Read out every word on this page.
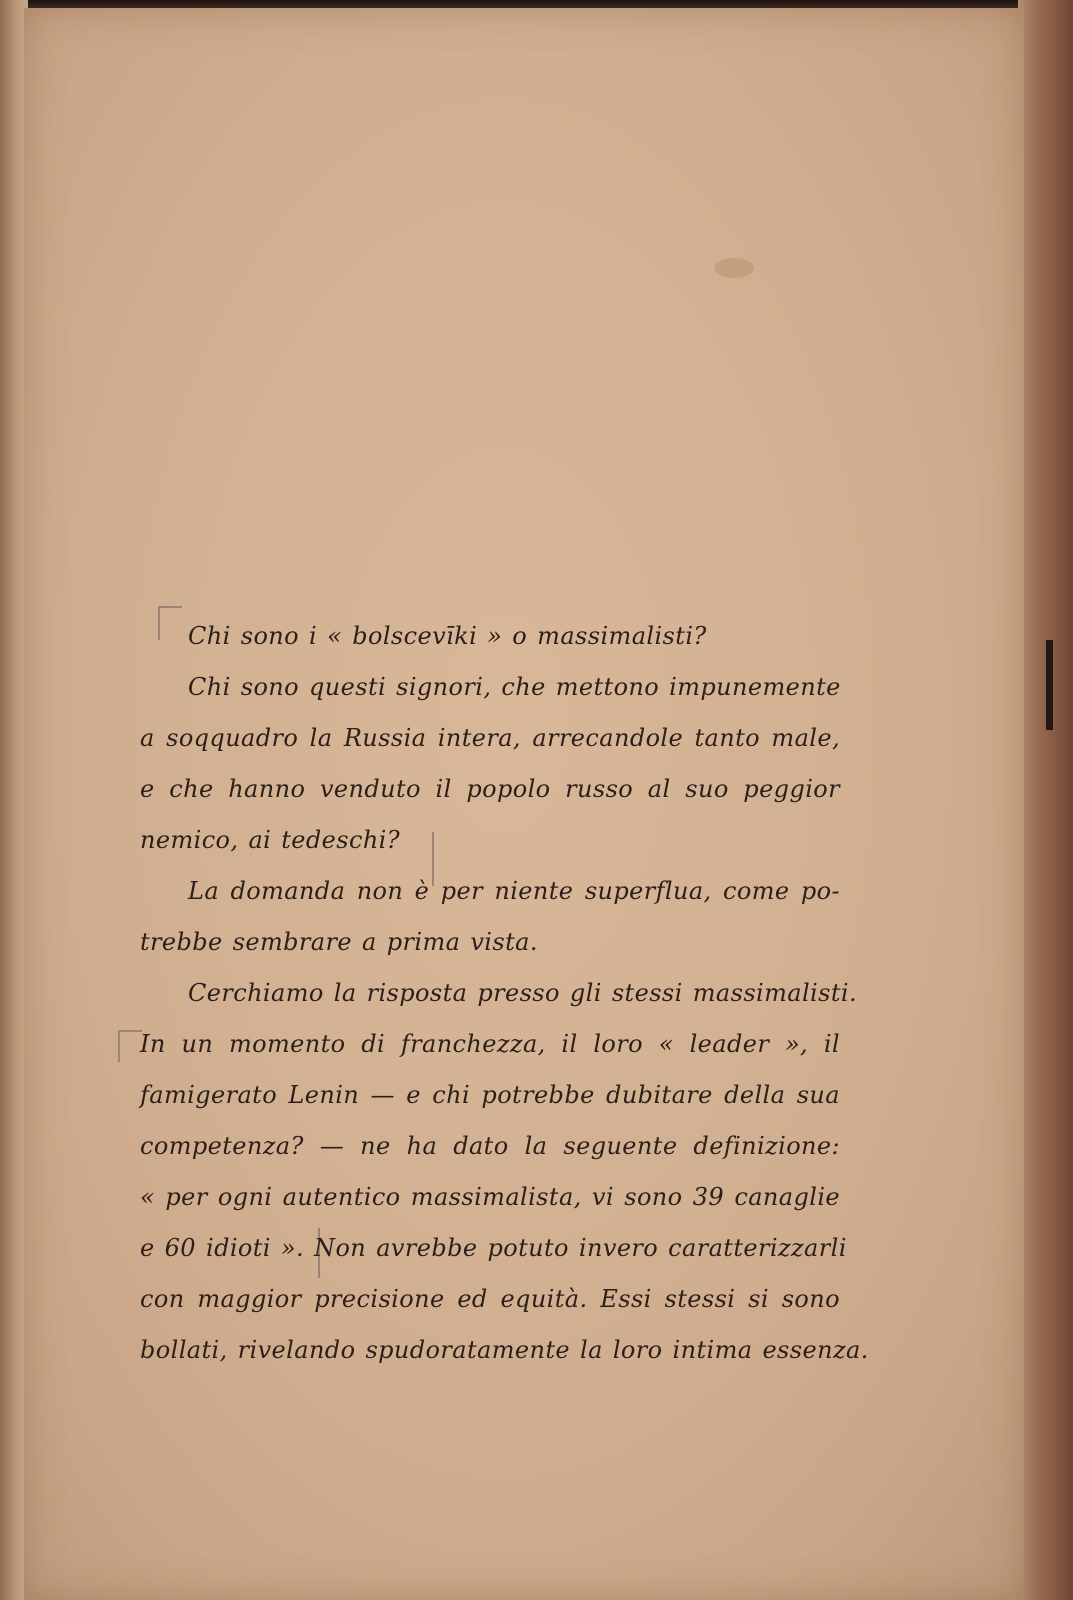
Chi sono i « bolscevīki » o massimalisti?
Chi sono questi signori, che mettono impunemente
a soqquadro la Russia intera, arrecandole tanto male,
e che hanno venduto il popolo russo al suo peggior
nemico, ai tedeschi?
La domanda non è per niente superflua, come po-
trebbe sembrare a prima vista.
Cerchiamo la risposta presso gli stessi massimalisti.
In un momento di franchezza, il loro « leader », il
famigerato Lenin — e chi potrebbe dubitare della sua
competenza? — ne ha dato la seguente definizione:
« per ogni autentico massimalista, vi sono 39 canaglie
e 60 idioti ». Non avrebbe potuto invero caratterizzarli
con maggior precisione ed equità. Essi stessi si sono
bollati, rivelando spudoratamente la loro intima essenza.
